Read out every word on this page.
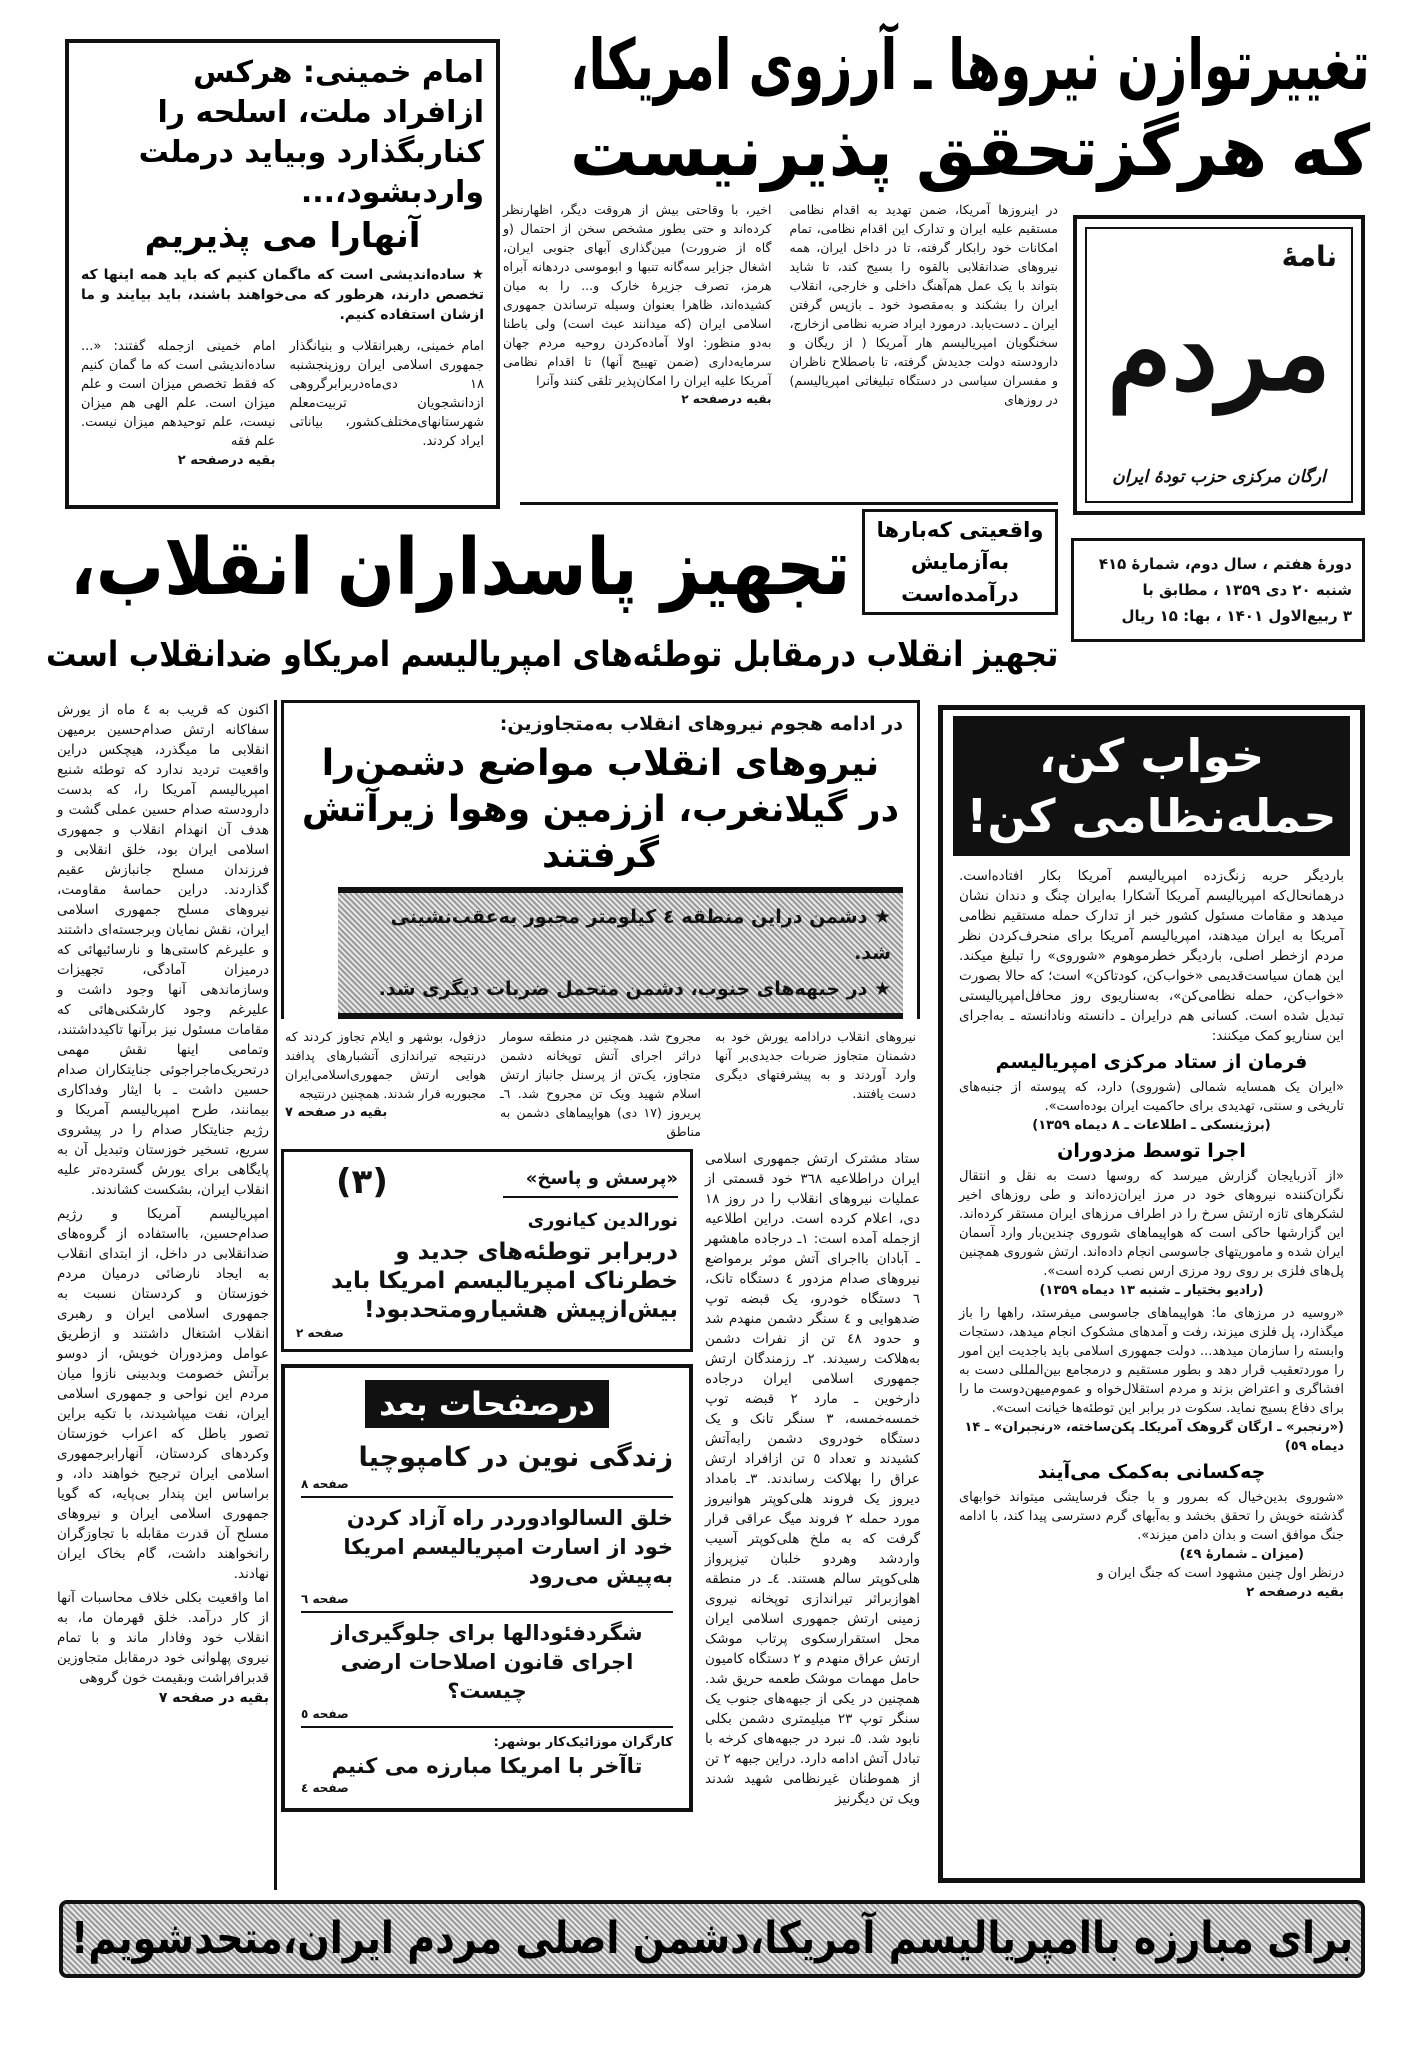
تغییرتوازن نیروها ـ آرزوی امریکا،
که هرگزتحقق پذیرنیست
امام خمینی: هرکس ازافراد ملت، اسلحه را کناربگذارد وبیاید درملت واردبشود،...
آنهارا می پذیریم
★ ساده‌اندیشی است که ماگمان کنیم که باید همه اینها که تخصص دارند، هرطور که می‌خواهند باشند، باید بیایند و ما ازشان استفاده کنیم.
امام خمینی، رهبرانقلاب و بنیانگذار جمهوری اسلامی ایران روزپنجشنبه ۱۸ دی‌ماه‌دربرابرگروهی ازدانشجویان تربیت‌معلم شهرستانهای‌مختلف‌کشور، بیاناتی ایراد کردند.
امام خمینی ازجمله گفتند: «... ساده‌اندیشی است که ما گمان کنیم که فقط تخصص میزان است و علم میزان است. علم الهی هم میزان نیست، علم توحیدهم میزان نیست. علم فقه
بقیه درصفحه ۲
در اینروزها آمریکا، ضمن تهدید به اقدام نظامی مستقیم علیه ایران و تدارک این اقدام نظامی، تمام امکانات خود رابکار گرفته، تا در داخل ایران، همه نیروهای ضدانقلابی بالقوه را بسیج کند، تا شاید بتواند با یک عمل هم‌آهنگ داخلی و خارجی، انقلاب ایران را بشکند و به‌مقصود خود ـ بازپس گرفتن ایران ـ دست‌یابد. درمورد ایراد ضربه نظامی ازخارج، سخنگویان امپریالیسم هار آمریکا ( از ریگان و دارودسته دولت جدیدش گرفته، تا باصطلاح ناظران و مفسران سیاسی در دستگاه تبلیغاتی امپریالیسم) در روزهای
اخیر، با وقاحتی بیش از هروقت دیگر، اظهارنظر کرده‌اند و حتی بطور مشخص سخن از احتمال (و گاه از ضرورت) مین‌گذاری آبهای جنوبی ایران، اشغال جزایر سه‌گانه تنبها و ابوموسی دردهانه آبراه هرمز، تصرف جزیرهٔ خارک و... را به میان کشیده‌اند، ظاهرا بعنوان وسیله ترساندن جمهوری اسلامی ایران (که میدانند عبث است) ولی باطنا به‌دو منظور: اولا آماده‌کردن روحیه مردم جهان سرمایه‌داری (ضمن تهییج آنها) تا اقدام نظامی آمریکا علیه ایران را امکان‌پذیر تلقی کنند وآنرا
بقیه درصفحه ۲
نامهٔ
مردم
ارگان مرکزی حزب تودهٔ ایران
دورهٔ هفتم ، سال دوم، شمارهٔ ۴۱۵
شنبه ۲۰ دی ۱۳۵۹ ، مطابق با
۳ ربیع‌الاول ۱۴۰۱ ، بها: ۱۵ ریال
تجهیز پاسداران انقلاب،	واقعیتی که‌بارها به‌آزمایش درآمده‌است
تجهیز انقلاب درمقابل توطئه‌های امپریالیسم امریکاو ضدانقلاب است

اکنون که قریب به ٤ ماه از یورش سفاکانه ارتش صدام‌حسین برمیهن انقلابی ما میگذرد، هیچکس دراین واقعیت تردید ندارد که توطئه شنیع امپریالیسم آمریکا را، که بدست دارودسته صدام حسین عملی گشت و هدف آن انهدام انقلاب و جمهوری اسلامی ایران بود، خلق انقلابی و فرزندان مسلح جانبازش عقیم گذاردند. دراین حماسهٔ مقاومت، نیروهای مسلح جمهوری اسلامی ایران، نقش نمایان وبرجسته‌ای داشتند و علیرغم کاستی‌ها و نارسائیهائی که درمیزان آمادگی، تجهیزات وسازماندهی آنها وجود داشت و علیرغم وجود کارشکنی‌هائی که مقامات مسئول نیز برآنها تاکیدداشتند، وتمامی اینها نقش مهمی درتحریک‌ماجراجوئی جنایتکاران صدام حسین داشت ـ با ایثار وفداکاری بیمانند، طرح امپریالیسم آمریکا و رژیم جنایتکار صدام را در پیشروی سریع، تسخیر خوزستان وتبدیل آن به پایگاهی برای یورش گسترده‌تر علیه انقلاب ایران، بشکست کشاندند.

امپریالیسم آمریکا و رژیم صدام‌حسین، بااستفاده از گروه‌های ضدانقلابی در داخل، از ابتدای انقلاب به ایجاد نارضائی درمیان مردم خوزستان و کردستان نسبت به جمهوری اسلامی ایران و رهبری انقلاب اشتغال داشتند و ازطریق عوامل ومزدوران خویش، از دوسو برآتش خصومت وبدبینی نازوا میان مردم این نواحی و جمهوری اسلامی ایران، نفت میپاشیدند، با تکیه براین تصور باطل که اعراب خوزستان وکردهای کردستان، آنهارابرجمهوری اسلامی ایران ترجیح خواهند داد، و براساس این پندار بی‌پایه، که گویا جمهوری اسلامی ایران و نیروهای مسلح آن قدرت مقابله با تجاوزگران رانخواهند داشت، گام بخاک ایران نهادند.

اما واقعیت بکلی خلاف محاسبات آنها از کار درآمد. خلق قهرمان ما، به انقلاب خود وفادار ماند و با تمام نیروی پهلوانی خود درمقابل متجاوزین قدبرافراشت وبقیمت خون گروهی

بقیه در صفحه ۷
در ادامه هجوم نیروهای انقلاب به‌متجاوزین:
نیروهای انقلاب مواضع دشمن‌را در گیلانغرب، اززمین وهوا زیرآتش گرفتند
★ دشمن دراین منطقه ٤ کیلومتر مجبور به‌عقب‌نشینی شد.
★ در جبهه‌های جنوب، دشمن متحمل ضربات دیگری شد.
نیروهای انقلاب درادامه یورش خود به دشمنان متجاوز ضربات جدیدی‌بر آنها وارد آوردند و به پیشرفتهای دیگری دست یافتند.
مجروح شد. همچنین در منطقه سومار دراثر اجرای آتش توپخانه دشمن متجاوز، یک‌تن از پرسنل جانباز ارتش اسلام شهید ویک تن مجروح شد. ٦ـ پریروز (۱۷ دی) هواپیماهای دشمن به مناطق
دزفول، بوشهر و ایلام تجاوز کردند که درنتیجه تیراندازی آتشبارهای پدافند هوایی ارتش جمهوری‌اسلامی‌ایران مجبوربه فرار شدند. همچنین درنتیجه
بقیه در صفحه ۷
ستاد مشترک ارتش جمهوری اسلامی ایران دراطلاعیه ۳٦۸ خود قسمتی از عملیات نیروهای انقلاب را در روز ۱۸ دی، اعلام کرده است. دراین اطلاعیه ازجمله آمده است: ۱ـ درجاده ماهشهر ـ آبادان بااجرای آتش موثر برمواضع نیروهای صدام مزدور ٤ دستگاه تانک، ٦ دستگاه خودرو، یک قبضه توپ ضدهوایی و ٤ سنگر دشمن منهدم شد و حدود ٤۸ تن از نفرات دشمن به‌هلاکت رسیدند. ۲ـ رزمندگان ارتش جمهوری اسلامی ایران درجاده دارخوین ـ مارد ۲ قبضه توپ خمسه‌خمسه، ۳ سنگر تانک و یک دستگاه خودروی دشمن رابه‌آتش کشیدند و تعداد ٥ تن ازافراد ارتش عراق را بهلاکت رساندند. ۳ـ بامداد دیروز یک فروند هلی‌کوپتر هوانیروز مورد حمله ۲ فروند میگ عراقی قرار گرفت که به ملخ هلی‌کوپتر آسیب واردشد وهردو خلبان تیزپرواز هلی‌کوپتر سالم هستند. ٤ـ در منطقه اهوازبراثر تیراندازی توپخانه نیروی زمینی ارتش جمهوری اسلامی ایران محل استقرارسکوی پرتاب موشک ارتش عراق منهدم و ۲ دستگاه کامیون حامل مهمات موشک طعمه حریق شد. همچنین در یکی از جبهه‌های جنوب یک سنگر توپ ۲۳ میلیمتری دشمن بکلی نابود شد. ٥ـ نبرد در جبهه‌های کرخه با تبادل آتش ادامه دارد. دراین جبهه ۲ تن از هموطنان غیرنظامی شهید شدند ویک تن دیگرنیز
«پرسش و پاسخ»
(۳)
نورالدین کیانوری
دربرابر توطئه‌های جدید و خطرناک امپریالیسم امریکا باید بیش‌ازپیش هشیارومتحدبود!
صفحه ۲
درصفحات بعد
زندگی نوین در کامپوچیا
صفحه ۸
خلق السالوادوردر راه آزاد کردن خود از اسارت امپریالیسم امریکا به‌پیش می‌رود
صفحه ٦
شگردفئودالها برای جلوگیری‌از اجرای قانون اصلاحات ارضی چیست؟
صفحه ٥
کارگران موزائیک‌کار بوشهر:
تاآخر با امریکا مبارزه می کنیم
صفحه ٤
خواب کن، حمله‌نظامی کن!

باردیگر حربه زنگ‌زده امپریالیسم آمریکا بکار افتاده‌است. درهمانحال‌که امپریالیسم آمریکا آشکارا به‌ایران چنگ و دندان نشان میدهد و مقامات مسئول کشور خبر از تدارک حمله مستقیم نظامی آمریکا به ایران میدهند، امپریالیسم آمریکا برای منحرف‌کردن نظر مردم ازخطر اصلی، باردیگر خطرموهوم «شوروی» را تبلیغ میکند. این همان سیاست‌قدیمی «خواب‌کن، کودتاکن» است؛ که حالا بصورت «خواب‌کن، حمله نظامی‌کن»، به‌سناریوی روز محافل‌امپریالیستی تبدیل شده است. کسانی هم درایران ـ دانسته ونادانسته ـ به‌اجرای این سناریو کمک میکنند:

فرمان از ستاد مرکزی امپریالیسم

«ایران یک همسایه شمالی (شوروی) دارد، که پیوسته از جنبه‌های تاریخی و سنتی، تهدیدی برای حاکمیت ایران بوده‌است».

(برژینسکی ـ اطلاعات ـ ۸ دیماه ۱۳۵۹)
اجرا توسط مزدوران

«از آذربایجان گزارش میرسد که روسها دست به نقل و انتقال نگران‌کننده نیروهای خود در مرز ایران‌زده‌اند و طی روزهای اخیر لشکرهای تازه ارتش سرخ را در اطراف مرزهای ایران مستقر کرده‌اند. این گزارشها حاکی است که هواپیماهای شوروی چندین‌بار وارد آسمان ایران شده و ماموریتهای جاسوسی انجام داده‌اند. ارتش شوروی همچنین پل‌های فلزی بر روی رود مرزی ارس نصب کرده است».

(رادیو بختیار ـ شنبه ۱۳ دیماه ۱۳۵۹)

«روسیه در مرزهای ما: هواپیماهای جاسوسی میفرستد، راهها را باز میگذارد، پل فلزی میزند، رفت و آمدهای مشکوک انجام میدهد، دستجات وابسته را سازمان میدهد... دولت جمهوری اسلامی باید باجدیت این امور را موردتعقیب قرار دهد و بطور مستقیم و درمجامع بین‌المللی دست به افشاگری و اعتراض بزند و مردم استقلال‌خواه و عموم‌میهن‌دوست ما را برای دفاع بسیج نماید. سکوت در برابر این توطئه‌ها خیانت است».

(«رنجبر» ـ ارگان گروهک آمریکا‌ـ پکن‌ساخته، «رنجبران» ـ ۱۴ دیماه ٥۹)
چه‌کسانی به‌کمک می‌آیند

«شوروی بدین‌خیال که بمرور و با جنگ فرسایشی میتواند خوابهای گذشته خویش را تحقق بخشد و به‌آبهای گرم دسترسی پیدا کند، با ادامه جنگ موافق است و بدان دامن میزند».

(میزان ـ شمارهٔ ٤۹)

درنظر اول چنین مشهود است که جنگ ایران و

بقیه درصفحه ۲
برای مبارزه باامپریالیسم آمریکا،دشمن اصلی مردم ایران،متحدشویم!
